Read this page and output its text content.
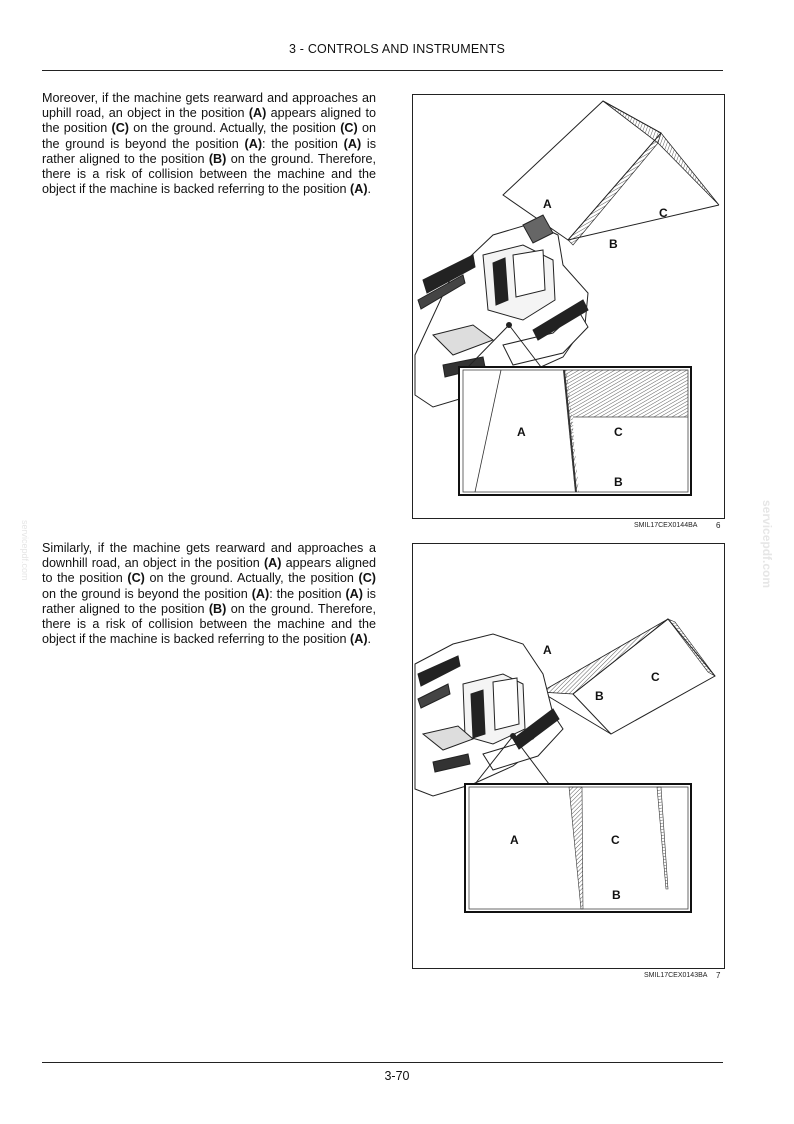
3 - CONTROLS AND INSTRUMENTS

Moreover, if the machine gets rearward and approaches an uphill road, an object in the position (A) appears aligned to the position (C) on the ground. Actually, the position (C) on the ground is beyond the position (A): the position (A) is rather aligned to the position (B) on the ground. Therefore, there is a risk of collision between the machine and the object if the machine is backed referring to the position (A).

A
C
B
A	C
B
SMIL17CEX0144BA 6

Similarly, if the machine gets rearward and approaches a downhill road, an object in the position (A) appears aligned to the position (C) on the ground. Actually, the position (C) on the ground is beyond the position (A): the position (A) is rather aligned to the position (B) on the ground. Therefore, there is a risk of collision between the machine and the object if the machine is backed referring to the position (A).

A
C
B
A	C
B
SMIL17CEX0143BA 7
3-70
servicepdf.com	servicepdf.com
